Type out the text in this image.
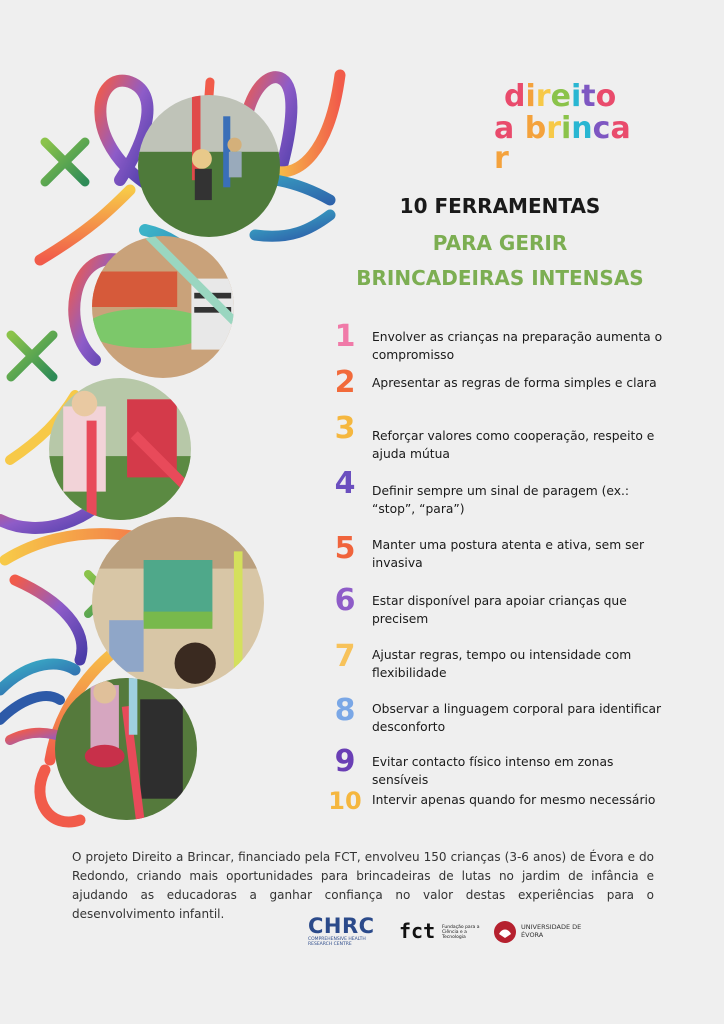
direito
a brincar
10 FERRAMENTAS
PARA GERIR
BRINCADEIRAS INTENSAS
1	Envolver as crianças na preparação aumenta o compromisso
2	Apresentar as regras de forma simples e clara
3	Reforçar valores como cooperação, respeito e ajuda mútua
4	Definir sempre um sinal de paragem (ex.: “stop”, “para”)
5	Manter uma postura atenta e ativa, sem ser invasiva
6	Estar disponível para apoiar crianças que precisem
7	Ajustar regras, tempo ou intensidade com flexibilidade
8	Observar a linguagem corporal para identificar desconforto
9	Evitar contacto físico intenso em zonas sensíveis
10 Intervir apenas quando for mesmo necessário
O projeto Direito a Brincar, financiado pela FCT, envolveu 150 crianças (3-6 anos) de Évora e do Redondo, criando mais oportunidades para brincadeiras de lutas no jardim de infância e ajudando as educadoras a ganhar confiança no valor destas experiências para o desenvolvimento infantil.	CHRC
COMPREHENSIVE HEALTH RESEARCH CENTRE
fct	Fundação para a Ciência e a Tecnologia
UNIVERSIDADE DE ÉVORA
